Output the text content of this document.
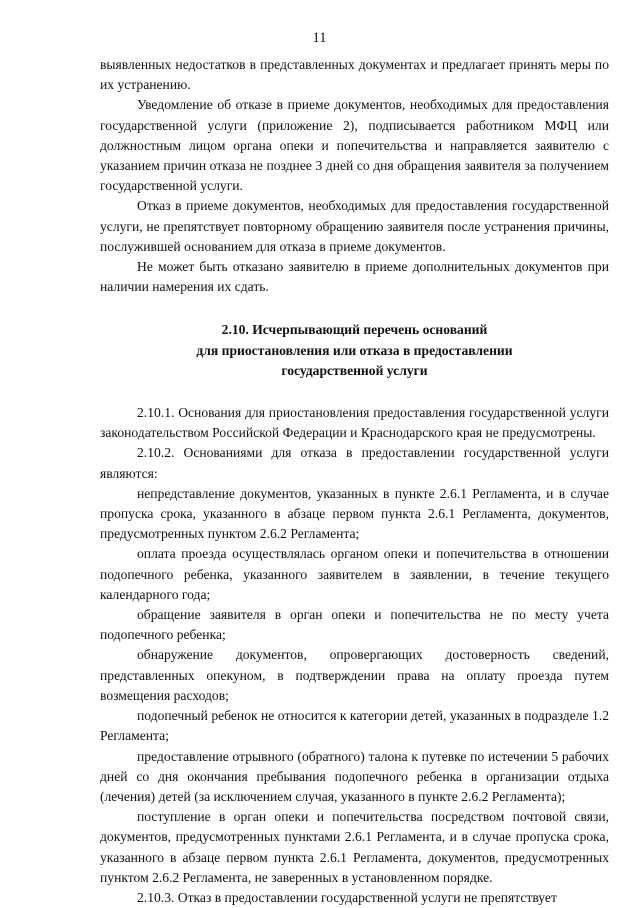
11

выявленных недостатков в представленных документах и предлагает принять меры по их устранению.

Уведомление об отказе в приеме документов, необходимых для предоставления государственной услуги (приложение 2), подписывается работником МФЦ или должностным лицом органа опеки и попечительства и направляется заявителю с указанием причин отказа не позднее 3 дней со дня обращения заявителя за получением государственной услуги.

Отказ в приеме документов, необходимых для предоставления государственной услуги, не препятствует повторному обращению заявителя после устранения причины, послужившей основанием для отказа в приеме документов.

Не может быть отказано заявителю в приеме дополнительных документов при наличии намерения их сдать.

2.10. Исчерпывающий перечень оснований
для приостановления или отказа в предоставлении
государственной услуги

2.10.1. Основания для приостановления предоставления государственной услуги законодательством Российской Федерации и Краснодарского края не предусмотрены.

2.10.2. Основаниями для отказа в предоставлении государственной услуги являются:

непредставление документов, указанных в пункте 2.6.1 Регламента, и в случае пропуска срока, указанного в абзаце первом пункта 2.6.1 Регламента, документов, предусмотренных пунктом 2.6.2 Регламента;

оплата проезда осуществлялась органом опеки и попечительства в отношении подопечного ребенка, указанного заявителем в заявлении, в течение текущего календарного года;

обращение заявителя в орган опеки и попечительства не по месту учета подопечного ребенка;

обнаружение документов, опровергающих достоверность сведений, представленных опекуном, в подтверждении права на оплату проезда путем возмещения расходов;

подопечный ребенок не относится к категории детей, указанных в подразделе 1.2 Регламента;

предоставление отрывного (обратного) талона к путевке по истечении 5 рабочих дней со дня окончания пребывания подопечного ребенка в организации отдыха (лечения) детей (за исключением случая, указанного в пункте 2.6.2 Регламента);

поступление в орган опеки и попечительства посредством почтовой связи, документов, предусмотренных пунктами 2.6.1 Регламента, и в случае пропуска срока, указанного в абзаце первом пункта 2.6.1 Регламента, документов, предусмотренных пунктом 2.6.2 Регламента, не заверенных в установленном порядке.

2.10.3. Отказ в предоставлении государственной услуги не препятствует
